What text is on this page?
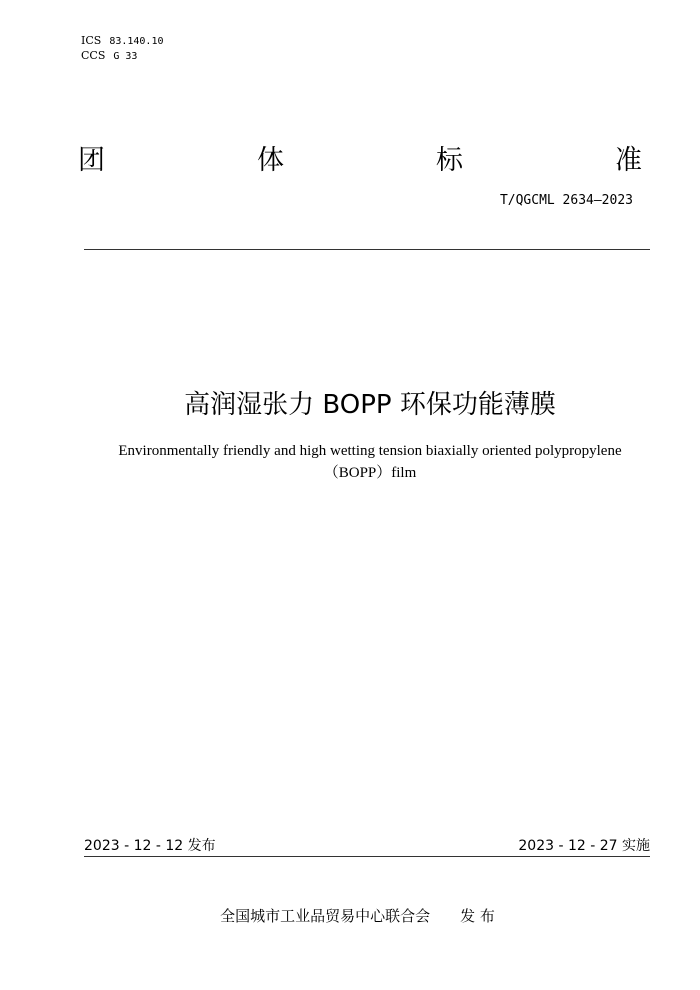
ICS 83.140.10
CCS G 33
团	体	标	准
T/QGCML 2634—2023
高润湿张力 BOPP 环保功能薄膜
Environmentally friendly and high wetting tension biaxially oriented polypropylene
（BOPP）film
2023 - 12 - 12 发布	2023 - 12 - 27 实施
全国城市工业品贸易中心联合会 发 布
